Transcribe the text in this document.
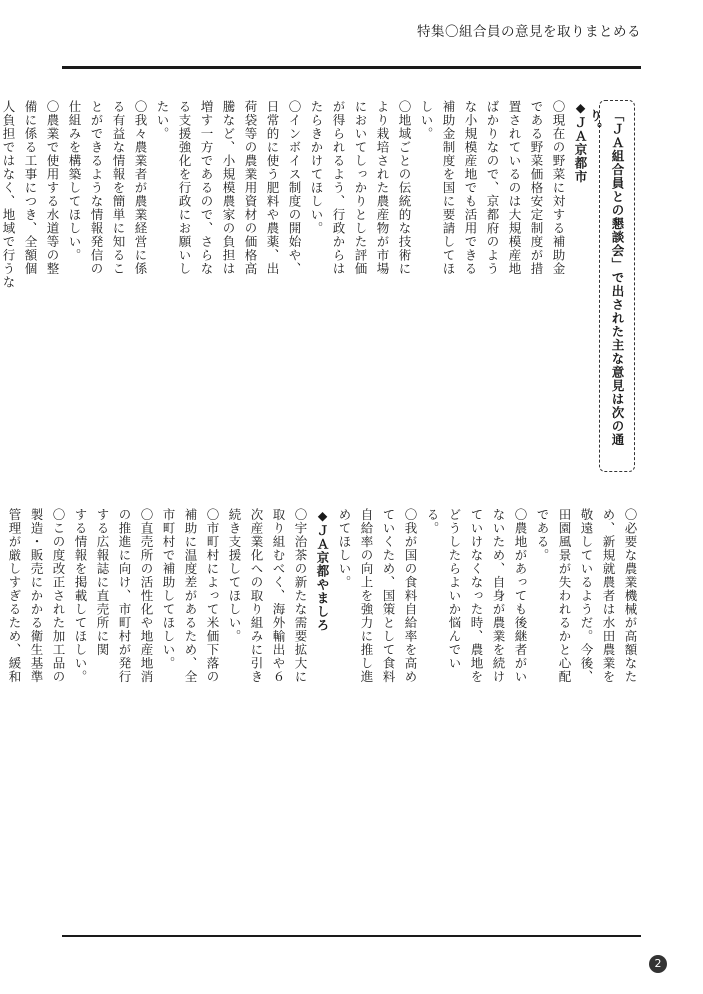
特集〇組合員の意見を取りまとめる
「ＪＡ組合員との懇談会」で出された主な意見は次の通り。
◆ＪＡ京都市
〇現在の野菜に対する補助金
である野菜価格安定制度が措
置されているのは大規模産地
ばかりなので、京都府のよう
な小規模産地でも活用できる
補助金制度を国に要請してほ
しい。
〇地域ごとの伝統的な技術に
より栽培された農産物が市場
においてしっかりとした評価
が得られるよう、行政からは
たらきかけてほしい。
〇インボイス制度の開始や、
日常的に使う肥料や農薬、出
荷袋等の農業用資材の価格高
騰など、小規模農家の負担は
増す一方であるので、さらな
る支援強化を行政にお願いし
たい。
〇我々農業者が農業経営に係
る有益な情報を簡単に知るこ
とができるような情報発信の
仕組みを構築してほしい。
〇農業で使用する水道等の整
備に係る工事につき、全額個
人負担ではなく、地域で行うな
〇必要な農業機械が高額なた
め、新規就農者は水田農業を
敬遠しているようだ。今後、
田園風景が失われるかと心配
である。
〇農地があっても後継者がい
ないため、自身が農業を続け
ていけなくなった時、農地を
どうしたらよいか悩んでい
る。
〇我が国の食料自給率を高め
ていくため、国策として食料
自給率の向上を強力に推し進
めてほしい。
◆ＪＡ京都やましろ
〇宇治茶の新たな需要拡大に
取り組むべく、海外輸出や６
次産業化への取り組みに引き
続き支援してほしい。
〇市町村によって米価下落の
補助に温度差があるため、全
市町村で補助してほしい。
〇直売所の活性化や地産地消
の推進に向け、市町村が発行
する広報誌に直売所に関
する情報を掲載してほしい。
〇この度改正された加工品の
製造・販売にかかる衛生基準
管理が厳しすぎるため、緩和
2
